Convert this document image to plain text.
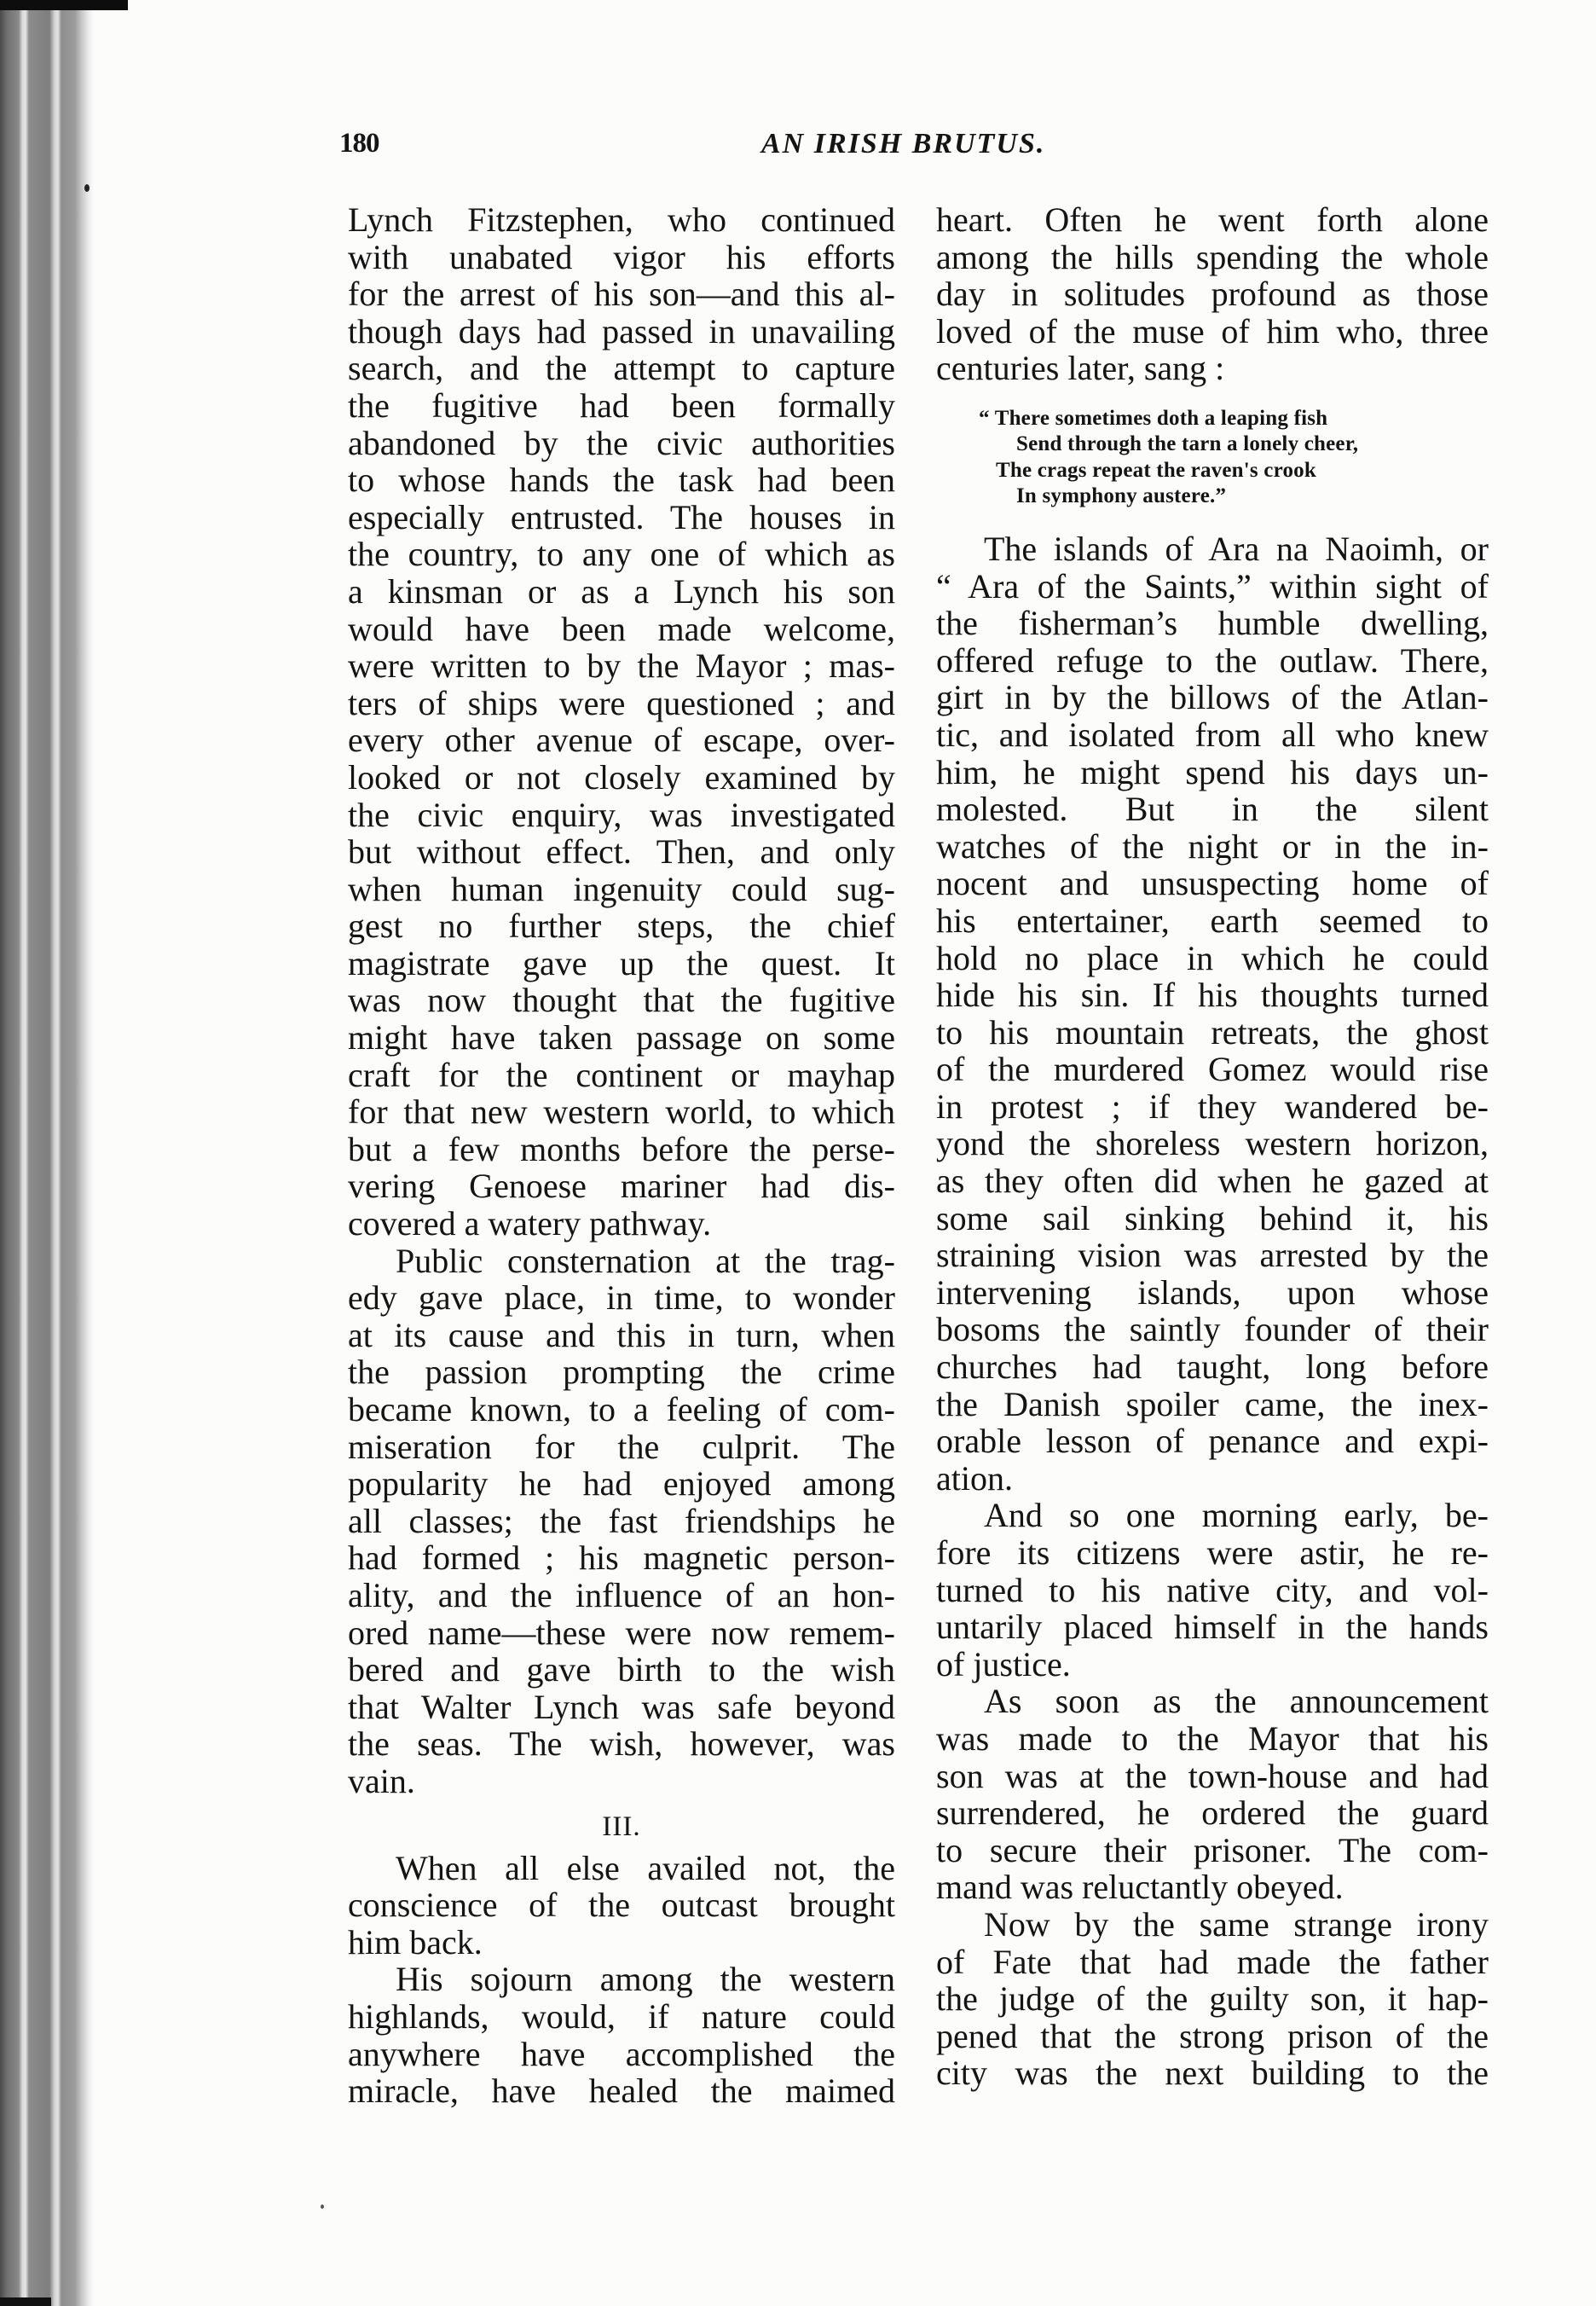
180	AN IRISH BRUTUS.
Lynch Fitzstephen, who continued
with unabated vigor his efforts
for the arrest of his son—and this al-
though days had passed in unavailing
search, and the attempt to capture
the fugitive had been formally
abandoned by the civic authorities
to whose hands the task had been
especially entrusted. The houses in
the country, to any one of which as
a kinsman or as a Lynch his son
would have been made welcome,
were written to by the Mayor ; mas-
ters of ships were questioned ; and
every other avenue of escape, over-
looked or not closely examined by
the civic enquiry, was investigated
but without effect. Then, and only
when human ingenuity could sug-
gest no further steps, the chief
magistrate gave up the quest. It
was now thought that the fugitive
might have taken passage on some
craft for the continent or mayhap
for that new western world, to which
but a few months before the perse-
vering Genoese mariner had dis-
covered a watery pathway.
Public consternation at the trag-
edy gave place, in time, to wonder
at its cause and this in turn, when
the passion prompting the crime
became known, to a feeling of com-
miseration for the culprit. The
popularity he had enjoyed among
all classes; the fast friendships he
had formed ; his magnetic person-
ality, and the influence of an hon-
ored name—these were now remem-
bered and gave birth to the wish
that Walter Lynch was safe beyond
the seas. The wish, however, was
vain.
III.
When all else availed not, the
conscience of the outcast brought
him back.
His sojourn among the western
highlands, would, if nature could
anywhere have accomplished the
miracle, have healed the maimed
heart. Often he went forth alone
among the hills spending the whole
day in solitudes profound as those
loved of the muse of him who, three
centuries later, sang :
“ There sometimes doth a leaping fish
Send through the tarn a lonely cheer,
The crags repeat the raven's crook
In symphony austere.”
The islands of Ara na Naoimh, or
“ Ara of the Saints,” within sight of
the fisherman’s humble dwelling,
offered refuge to the outlaw. There,
girt in by the billows of the Atlan-
tic, and isolated from all who knew
him, he might spend his days un-
molested. But in the silent
watches of the night or in the in-
nocent and unsuspecting home of
his entertainer, earth seemed to
hold no place in which he could
hide his sin. If his thoughts turned
to his mountain retreats, the ghost
of the murdered Gomez would rise
in protest ; if they wandered be-
yond the shoreless western horizon,
as they often did when he gazed at
some sail sinking behind it, his
straining vision was arrested by the
intervening islands, upon whose
bosoms the saintly founder of their
churches had taught, long before
the Danish spoiler came, the inex-
orable lesson of penance and expi-
ation.
And so one morning early, be-
fore its citizens were astir, he re-
turned to his native city, and vol-
untarily placed himself in the hands
of justice.
As soon as the announcement
was made to the Mayor that his
son was at the town-house and had
surrendered, he ordered the guard
to secure their prisoner. The com-
mand was reluctantly obeyed.
Now by the same strange irony
of Fate that had made the father
the judge of the guilty son, it hap-
pened that the strong prison of the
city was the next building to the
